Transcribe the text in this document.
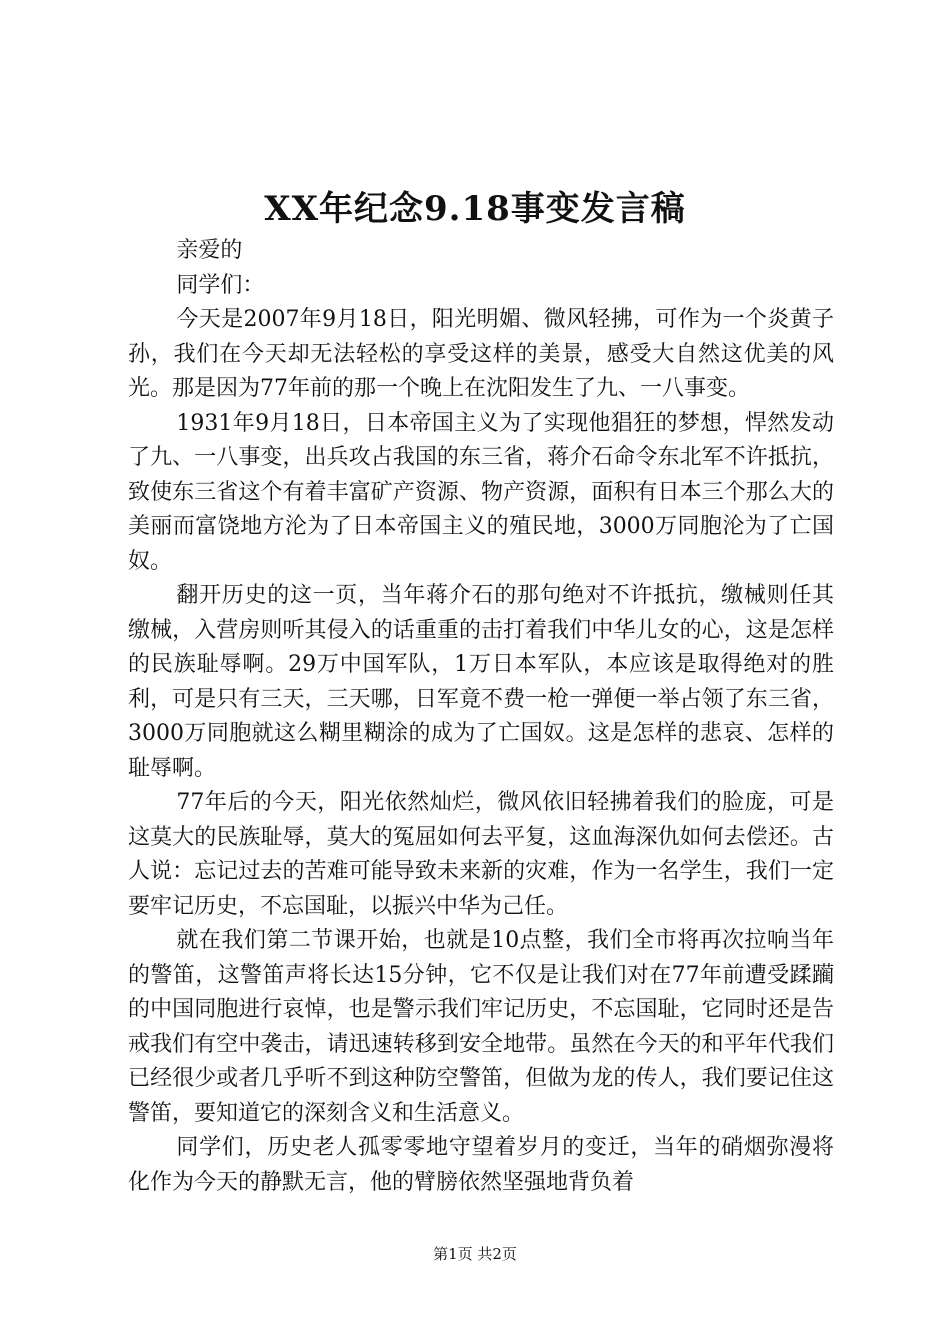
XX年纪念9.18事变发言稿

亲爱的

同学们：

今天是2007年9月18日，阳光明媚、微风轻拂，可作为一个炎黄子孙，我们在今天却无法轻松的享受这样的美景，感受大自然这优美的风光。那是因为77年前的那一个晚上在沈阳发生了九、一八事变。

1931年9月18日，日本帝国主义为了实现他猖狂的梦想，悍然发动了九、一八事变，出兵攻占我国的东三省，蒋介石命令东北军不许抵抗，致使东三省这个有着丰富矿产资源、物产资源，面积有日本三个那么大的美丽而富饶地方沦为了日本帝国主义的殖民地，3000万同胞沦为了亡国奴。

翻开历史的这一页，当年蒋介石的那句绝对不许抵抗，缴械则任其缴械，入营房则听其侵入的话重重的击打着我们中华儿女的心，这是怎样的民族耻辱啊。29万中国军队，1万日本军队，本应该是取得绝对的胜利，可是只有三天，三天哪，日军竟不费一枪一弹便一举占领了东三省，3000万同胞就这么糊里糊涂的成为了亡国奴。这是怎样的悲哀、怎样的耻辱啊。

77年后的今天，阳光依然灿烂，微风依旧轻拂着我们的脸庞，可是这莫大的民族耻辱，莫大的冤屈如何去平复，这血海深仇如何去偿还。古人说：忘记过去的苦难可能导致未来新的灾难，作为一名学生，我们一定要牢记历史，不忘国耻，以振兴中华为己任。

就在我们第二节课开始，也就是10点整，我们全市将再次拉响当年的警笛，这警笛声将长达15分钟，它不仅是让我们对在77年前遭受蹂躏的中国同胞进行哀悼，也是警示我们牢记历史，不忘国耻，它同时还是告戒我们有空中袭击，请迅速转移到安全地带。虽然在今天的和平年代我们已经很少或者几乎听不到这种防空警笛，但做为龙的传人，我们要记住这警笛，要知道它的深刻含义和生活意义。

同学们，历史老人孤零零地守望着岁月的变迁，当年的硝烟弥漫将化作为今天的静默无言，他的臂膀依然坚强地背负着

第1页 共2页
